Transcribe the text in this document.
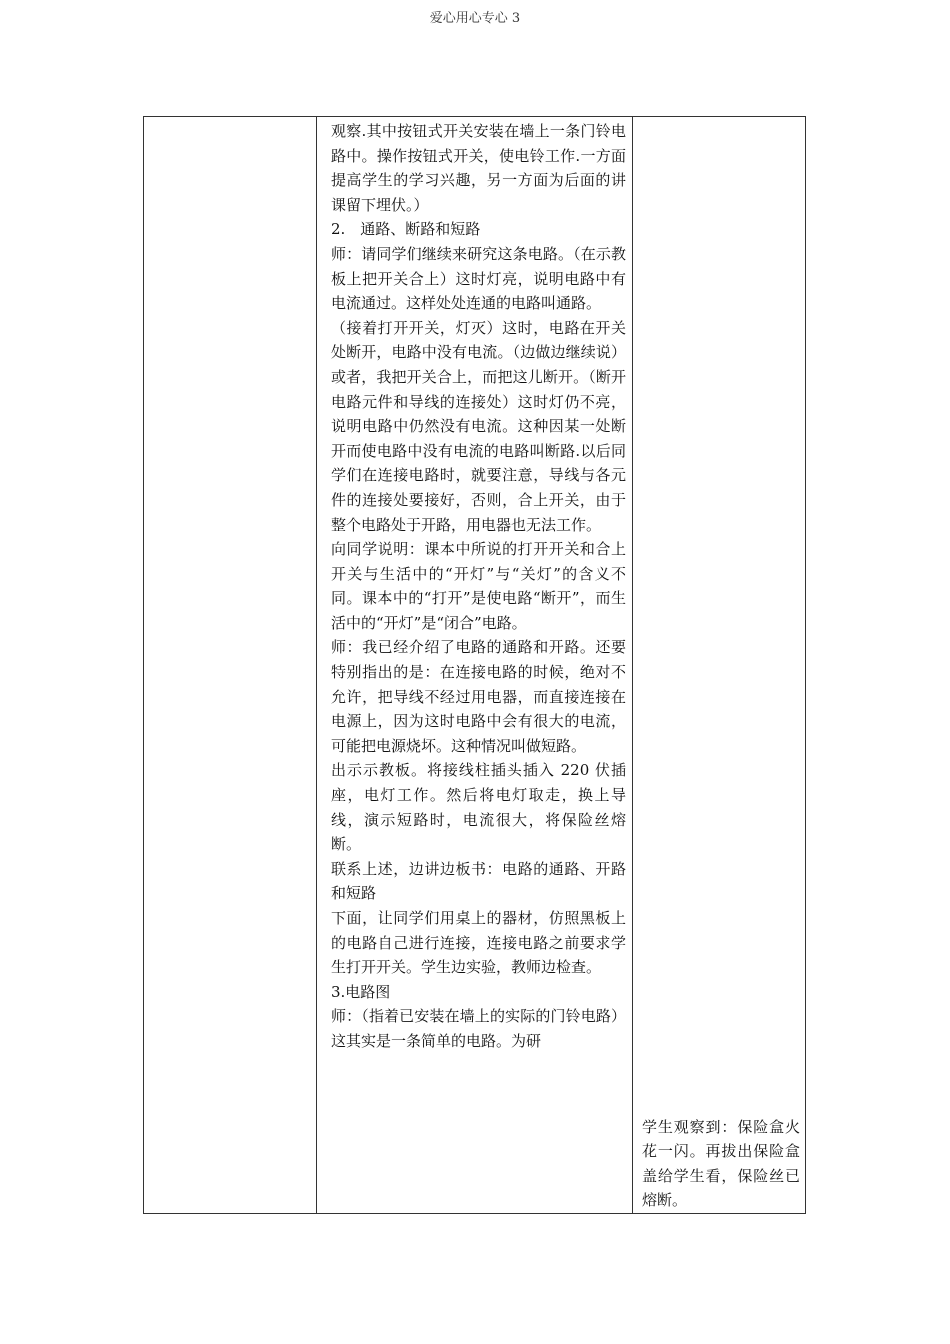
爱心用心专心 3

观察.其中按钮式开关安装在墙上一条门铃电路中。操作按钮式开关，使电铃工作.一方面提高学生的学习兴趣，另一方面为后面的讲课留下埋伏。）

2.　通路、断路和短路

师：请同学们继续来研究这条电路。（在示教板上把开关合上）这时灯亮，说明电路中有电流通过。这样处处连通的电路叫通路。

（接着打开开关，灯灭）这时，电路在开关处断开，电路中没有电流。（边做边继续说）或者，我把开关合上，而把这儿断开。（断开电路元件和导线的连接处）这时灯仍不亮，说明电路中仍然没有电流。这种因某一处断开而使电路中没有电流的电路叫断路.以后同学们在连接电路时，就要注意，导线与各元件的连接处要接好，否则，合上开关，由于整个电路处于开路，用电器也无法工作。

向同学说明：课本中所说的打开开关和合上开关与生活中的“开灯”与“关灯”的含义不同。课本中的“打开”是使电路“断开”，而生活中的“开灯”是“闭合”电路。

师：我已经介绍了电路的通路和开路。还要特别指出的是：在连接电路的时候，绝对不允许，把导线不经过用电器，而直接连接在电源上，因为这时电路中会有很大的电流，可能把电源烧坏。这种情况叫做短路。

出示示教板。将接线柱插头插入 220 伏插座，电灯工作。然后将电灯取走，换上导线，演示短路时，电流很大，将保险丝熔断。

联系上述，边讲边板书：电路的通路、开路和短路

下面，让同学们用桌上的器材，仿照黑板上的电路自己进行连接，连接电路之前要求学生打开开关。学生边实验，教师边检查。

3.电路图

师：（指着已安装在墙上的实际的门铃电路）这其实是一条简单的电路。为研

学生观察到：保险盒火花一闪。再拔出保险盒盖给学生看，保险丝已熔断。
